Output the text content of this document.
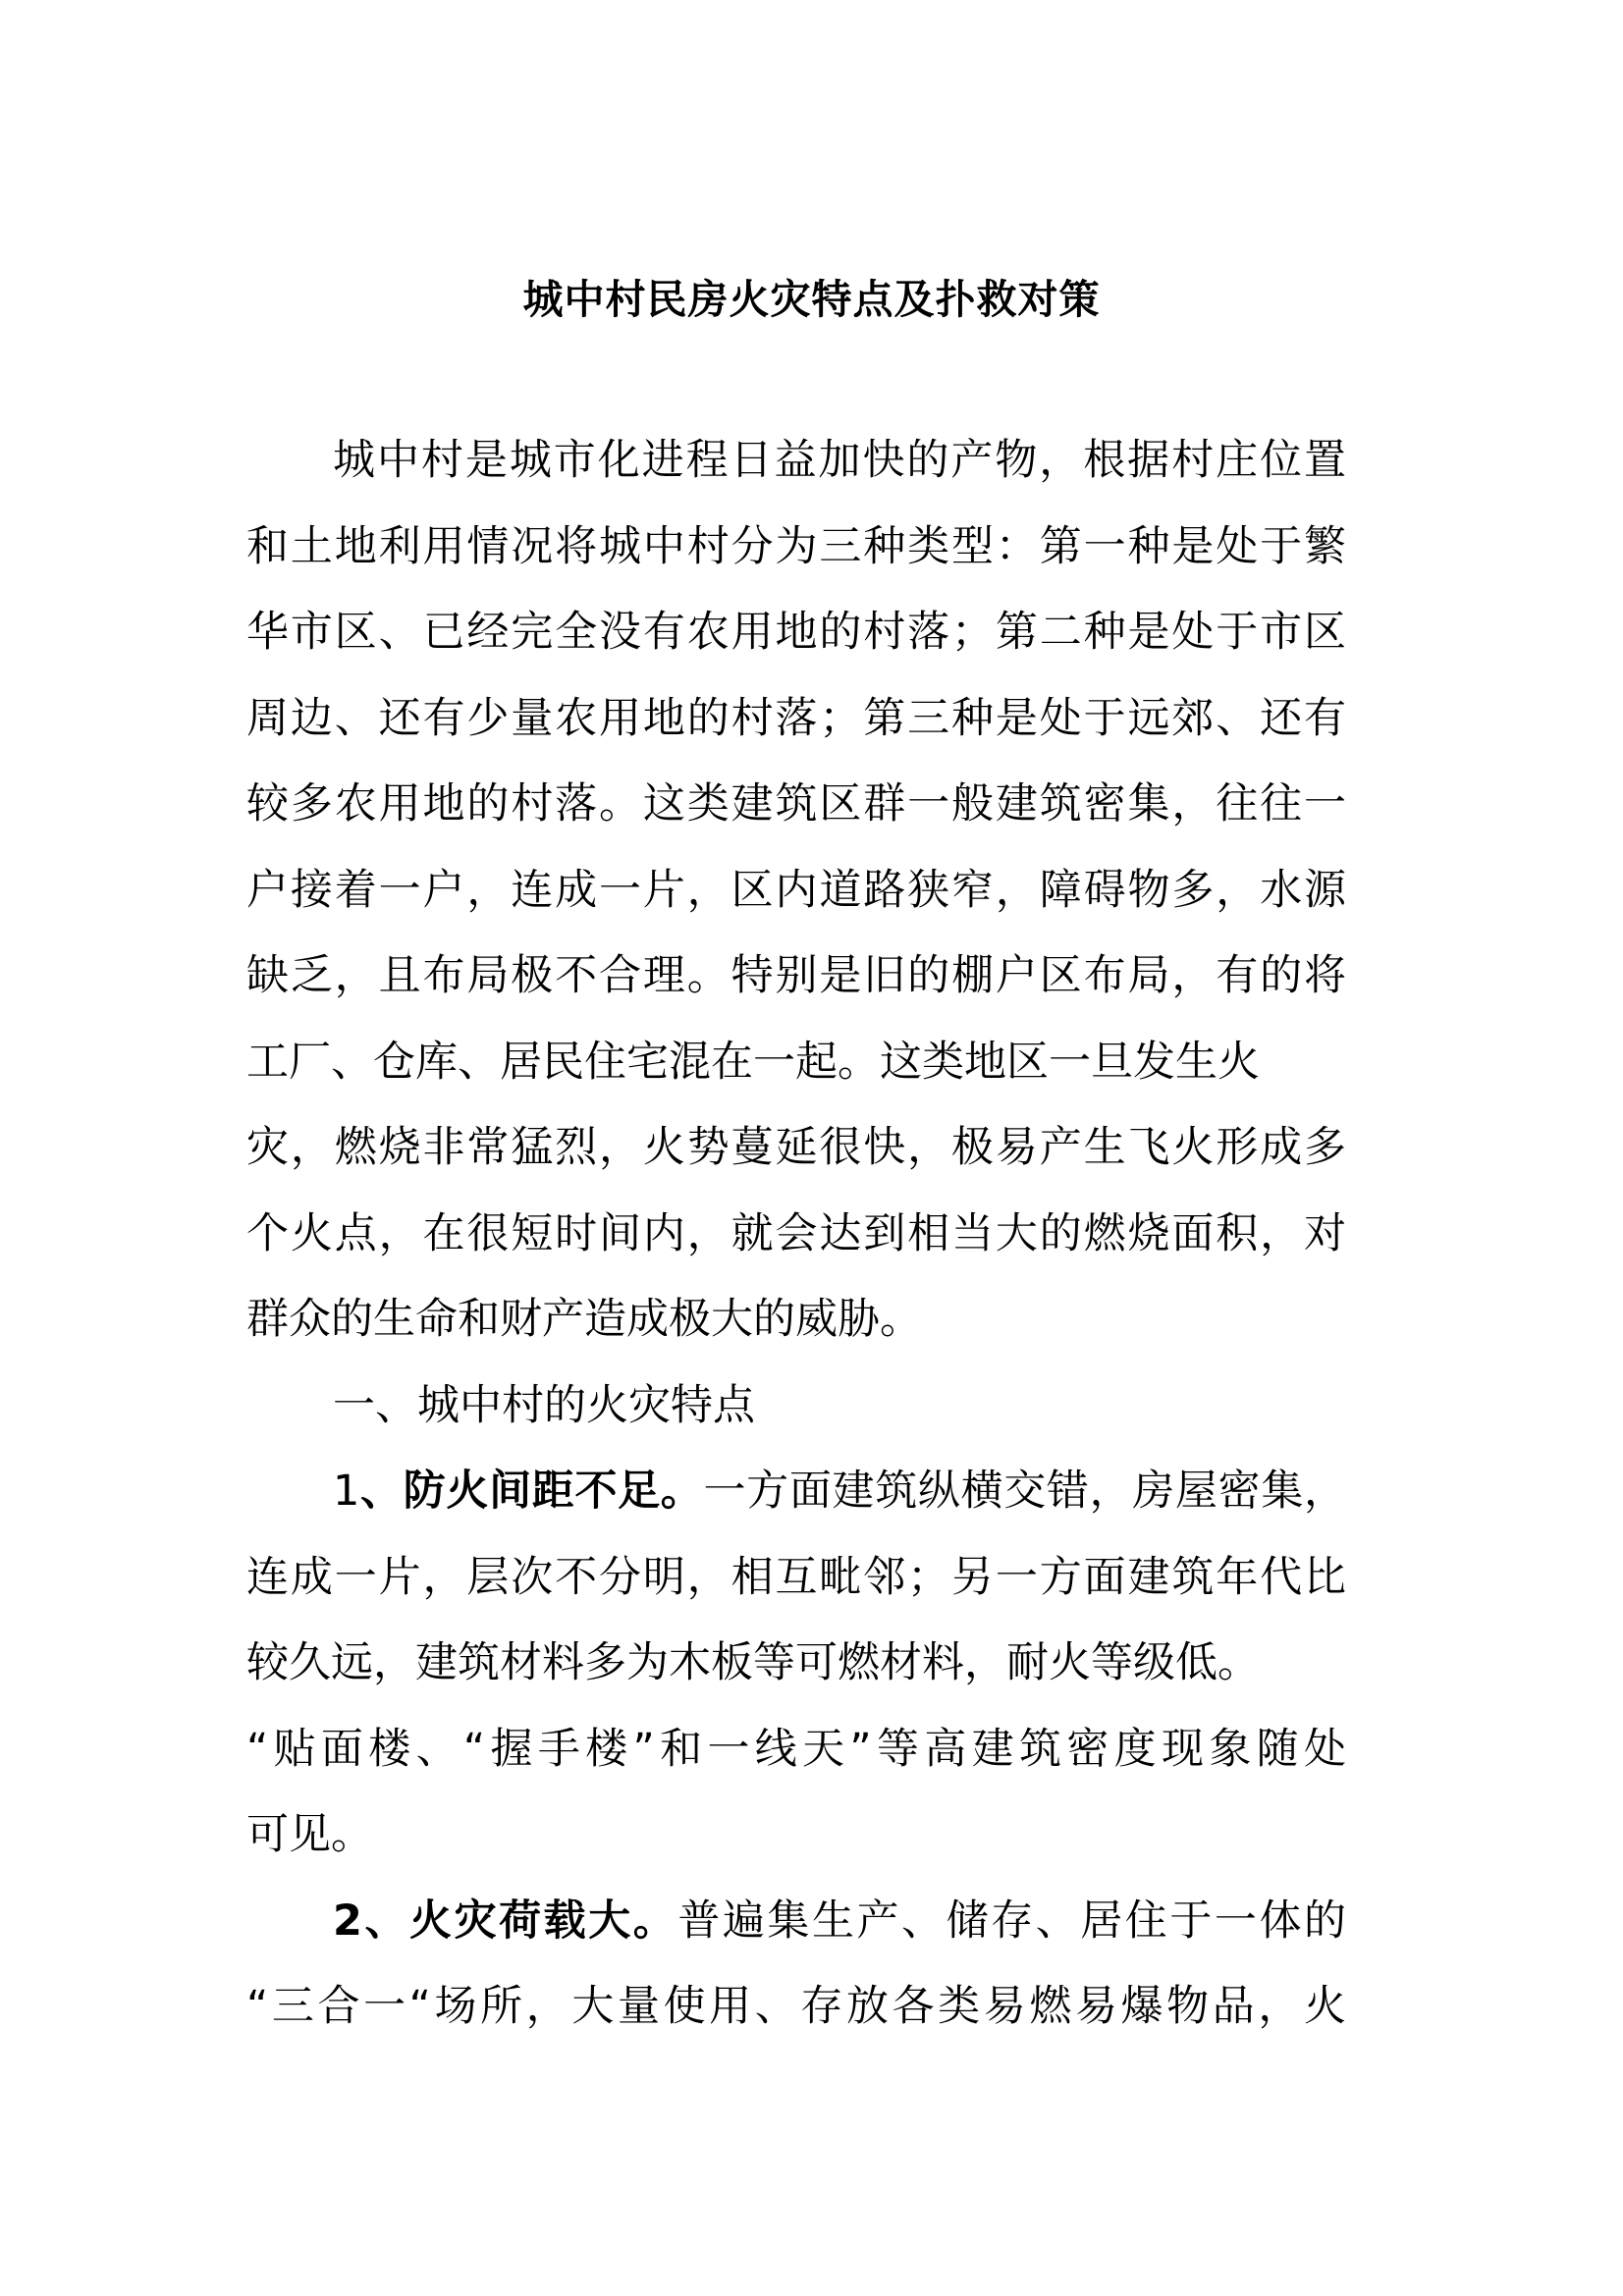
城中村民房火灾特点及扑救对策
城中村是城市化进程日益加快的产物，根据村庄位置
和土地利用情况将城中村分为三种类型：第一种是处于繁
华市区、已经完全没有农用地的村落；第二种是处于市区
周边、还有少量农用地的村落；第三种是处于远郊、还有
较多农用地的村落。这类建筑区群一般建筑密集，往往一
户接着一户，连成一片，区内道路狭窄，障碍物多，水源
缺乏，且布局极不合理。特别是旧的棚户区布局，有的将
工厂、仓库、居民住宅混在一起。这类地区一旦发生火
灾，燃烧非常猛烈，火势蔓延很快，极易产生飞火形成多
个火点，在很短时间内，就会达到相当大的燃烧面积，对
群众的生命和财产造成极大的威胁。
一、城中村的火灾特点
1、防火间距不足。一方面建筑纵横交错，房屋密集，
连成一片，层次不分明，相互毗邻；另一方面建筑年代比
较久远，建筑材料多为木板等可燃材料，耐火等级低。
“贴面楼、“握手楼”和一线天”等高建筑密度现象随处
可见。
2、火灾荷载大。普遍集生产、储存、居住于一体的
“三合一“场所，大量使用、存放各类易燃易爆物品，火
